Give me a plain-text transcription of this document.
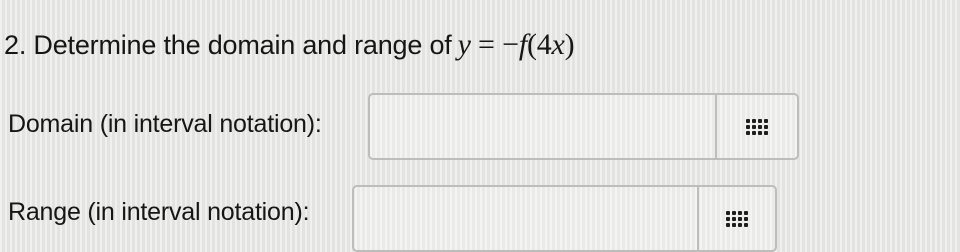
2. Determine the domain and range of y = −f(4x)
Domain (in interval notation):
Range (in interval notation):
